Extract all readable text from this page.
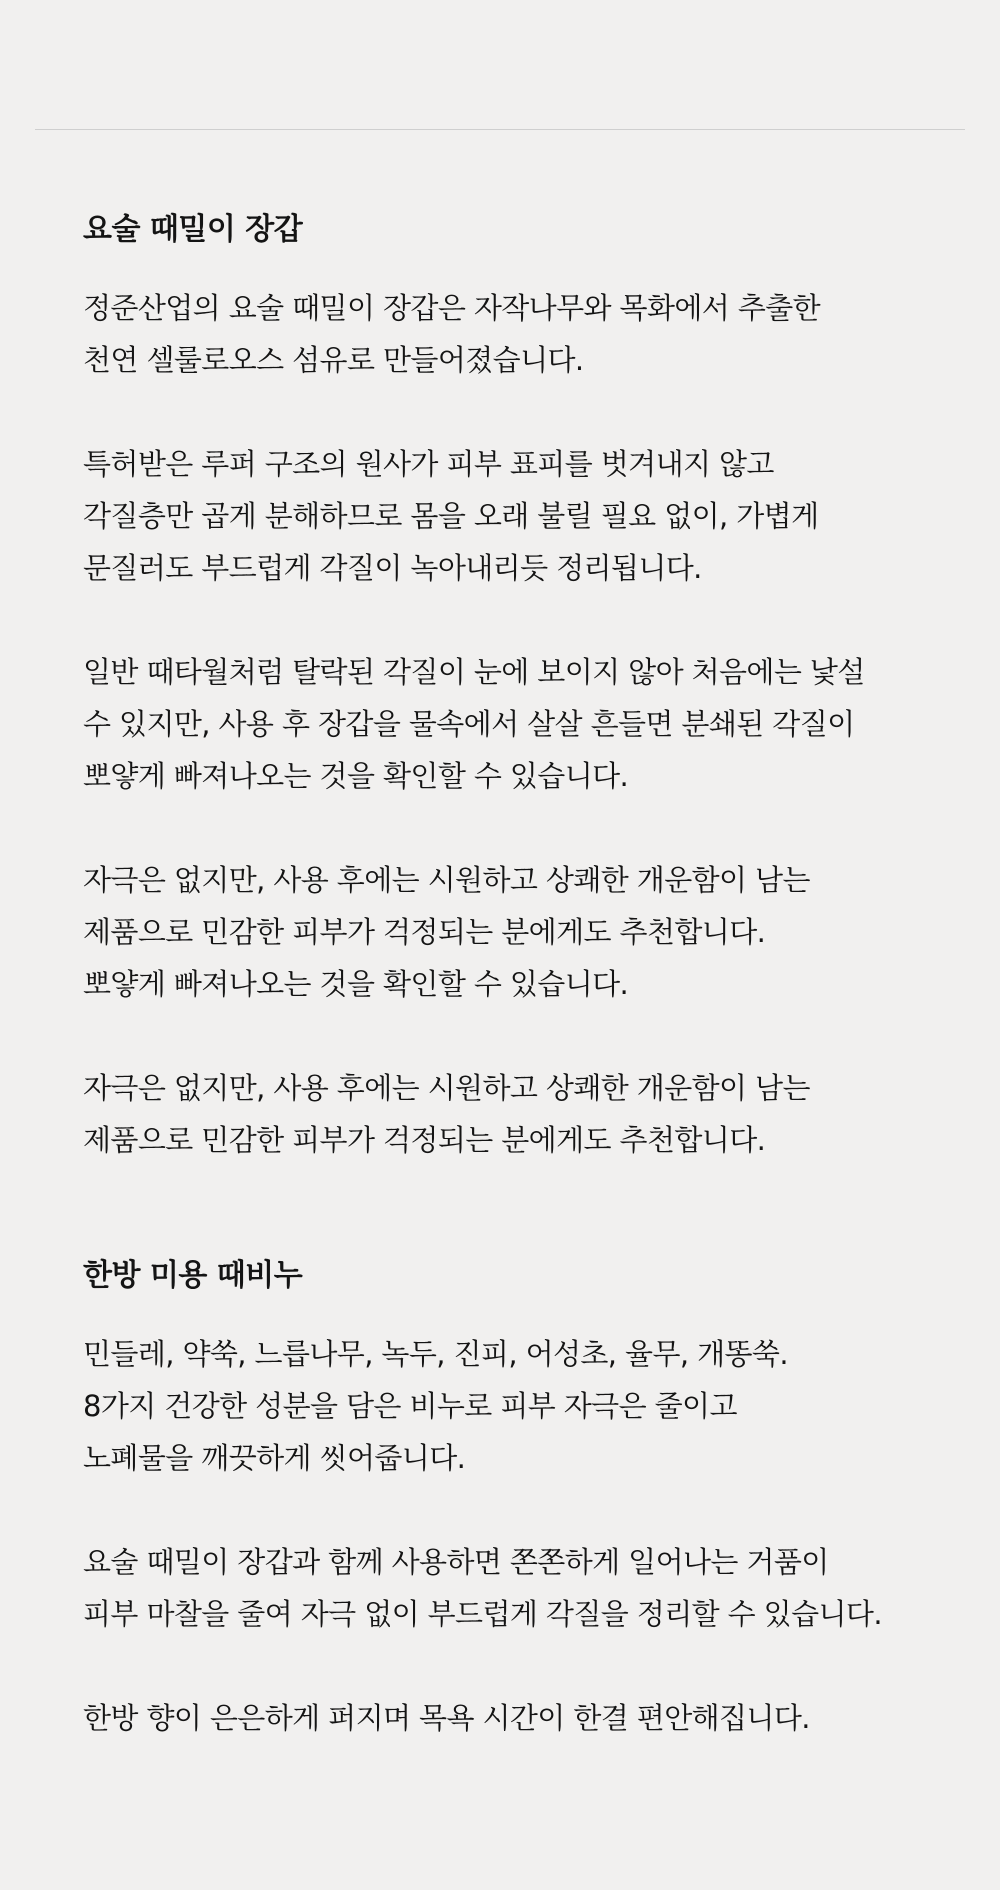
요술 때밀이 장갑

정준산업의 요술 때밀이 장갑은 자작나무와 목화에서 추출한
천연 셀룰로오스 섬유로 만들어졌습니다.

특허받은 루퍼 구조의 원사가 피부 표피를 벗겨내지 않고
각질층만 곱게 분해하므로 몸을 오래 불릴 필요 없이, 가볍게
문질러도 부드럽게 각질이 녹아내리듯 정리됩니다.

일반 때타월처럼 탈락된 각질이 눈에 보이지 않아 처음에는 낯설
수 있지만, 사용 후 장갑을 물속에서 살살 흔들면 분쇄된 각질이
뽀얗게 빠져나오는 것을 확인할 수 있습니다.

자극은 없지만, 사용 후에는 시원하고 상쾌한 개운함이 남는
제품으로 민감한 피부가 걱정되는 분에게도 추천합니다.
뽀얗게 빠져나오는 것을 확인할 수 있습니다.

자극은 없지만, 사용 후에는 시원하고 상쾌한 개운함이 남는
제품으로 민감한 피부가 걱정되는 분에게도 추천합니다.

한방 미용 때비누

민들레, 약쑥, 느릅나무, 녹두, 진피, 어성초, 율무, 개똥쑥.
8가지 건강한 성분을 담은 비누로 피부 자극은 줄이고
노폐물을 깨끗하게 씻어줍니다.

요술 때밀이 장갑과 함께 사용하면 쫀쫀하게 일어나는 거품이
피부 마찰을 줄여 자극 없이 부드럽게 각질을 정리할 수 있습니다.

한방 향이 은은하게 퍼지며 목욕 시간이 한결 편안해집니다.
